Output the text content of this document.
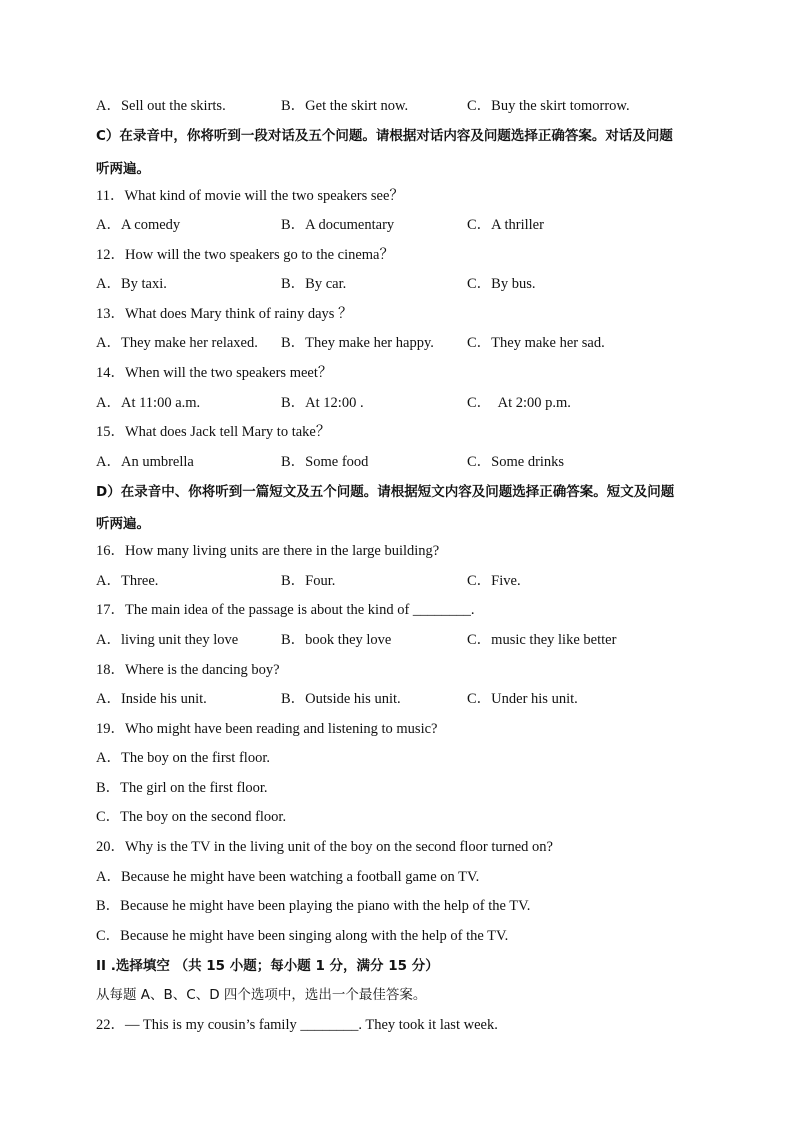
A．Sell out the skirts.	B．Get the skirt now.	C．Buy the skirt tomorrow.
C）在录音中，你将听到一段对话及五个问题。请根据对话内容及问题选择正确答案。对话及问题
听两遍。
11．What kind of movie will the two speakers see？
A．A comedy	B．A documentary	C．A thriller
12．How will the two speakers go to the cinema？
A．By taxi.	B．By car.	C．By bus.
13．What does Mary think of rainy days ？
A．They make her relaxed. B．They make her happy. C．They make her sad.
14．When will the two speakers meet？
A．At 11:00 a.m.	B．At 12:00 .	C．  At 2:00 p.m.
15．What does Jack tell Mary to take？
A．An umbrella	B．Some food	C．Some drinks
D）在录音中、你将听到一篇短文及五个问题。请根据短文内容及问题选择正确答案。短文及问题
听两遍。
16．How many living units are there in the large building?
A．Three.	B．Four.	C．Five.
17．The main idea of the passage is about the kind of ________.
A．living unit they love	B．book they love	C．music they like better
18．Where is the dancing boy?
A．Inside his unit.	B．Outside his unit.	C．Under his unit.
19．Who might have been reading and listening to music?
A．The boy on the first floor.
B．The girl on the first floor.
C．The boy on the second floor.
20．Why is the TV in the living unit of the boy on the second floor turned on?
A．Because he might have been watching a football game on TV.
B．Because he might have been playing the piano with the help of the TV.
C．Because he might have been singing along with the help of the TV.
II .选择填空 （共 15 小题；每小题 1 分，满分 15 分）
从每题 A、B、C、D 四个选项中，选出一个最佳答案。
22．— This is my cousin’s family ________. They took it last week.
